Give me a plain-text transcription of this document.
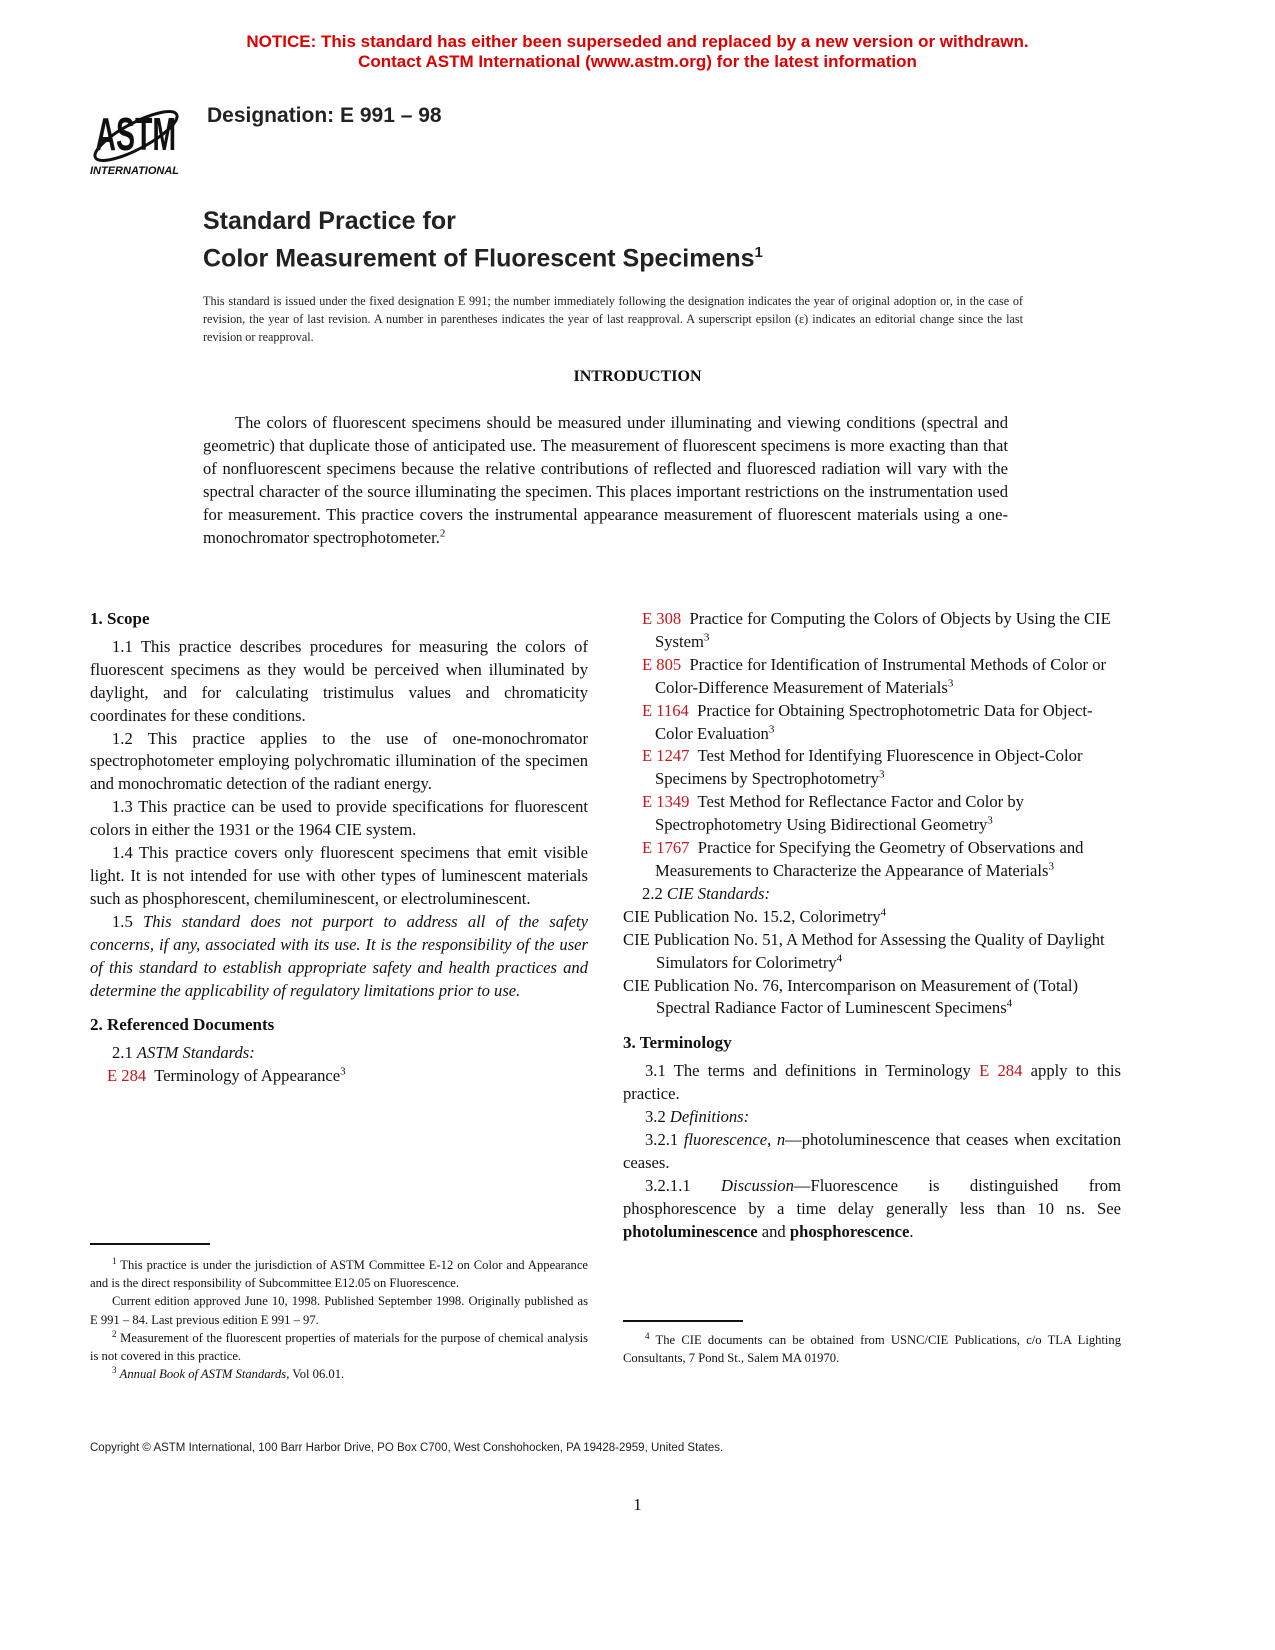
NOTICE: This standard has either been superseded and replaced by a new version or withdrawn.
Contact ASTM International (www.astm.org) for the latest information
ASTM
INTERNATIONAL
Designation: E 991 – 98
Standard Practice for
Color Measurement of Fluorescent Specimens$^1$
This standard is issued under the fixed designation E 991; the number immediately following the designation indicates the year of original adoption or, in the case of revision, the year of last revision. A number in parentheses indicates the year of last reapproval. A superscript epsilon (ε) indicates an editorial change since the last revision or reapproval.
INTRODUCTION
The colors of fluorescent specimens should be measured under illuminating and viewing conditions (spectral and geometric) that duplicate those of anticipated use. The measurement of fluorescent specimens is more exacting than that of nonfluorescent specimens because the relative contributions of reflected and fluoresced radiation will vary with the spectral character of the source illuminating the specimen. This places important restrictions on the instrumentation used for measurement. This practice covers the instrumental appearance measurement of fluorescent materials using a one-monochromator spectrophotometer.$^2$

1. Scope

1.1 This practice describes procedures for measuring the colors of fluorescent specimens as they would be perceived when illuminated by daylight, and for calculating tristimulus values and chromaticity coordinates for these conditions.

1.2 This practice applies to the use of one-monochromator spectrophotometer employing polychromatic illumination of the specimen and monochromatic detection of the radiant energy.

1.3 This practice can be used to provide specifications for fluorescent colors in either the 1931 or the 1964 CIE system.

1.4 This practice covers only fluorescent specimens that emit visible light. It is not intended for use with other types of luminescent materials such as phosphorescent, chemiluminescent, or electroluminescent.

1.5 This standard does not purport to address all of the safety concerns, if any, associated with its use. It is the responsibility of the user of this standard to establish appropriate safety and health practices and determine the applicability of regulatory limitations prior to use.

2. Referenced Documents

2.1 ASTM Standards:

E 284 Terminology of Appearance$^3$

$^1$ This practice is under the jurisdiction of ASTM Committee E-12 on Color and Appearance and is the direct responsibility of Subcommittee E12.05 on Fluorescence.

Current edition approved June 10, 1998. Published September 1998. Originally published as E 991 – 84. Last previous edition E 991 – 97.

$^2$ Measurement of the fluorescent properties of materials for the purpose of chemical analysis is not covered in this practice.

$^3$ Annual Book of ASTM Standards, Vol 06.01.

E 308 Practice for Computing the Colors of Objects by Using the CIE System$^3$

E 805 Practice for Identification of Instrumental Methods of Color or Color-Difference Measurement of Materials$^3$

E 1164 Practice for Obtaining Spectrophotometric Data for Object-Color Evaluation$^3$

E 1247 Test Method for Identifying Fluorescence in Object-Color Specimens by Spectrophotometry$^3$

E 1349 Test Method for Reflectance Factor and Color by Spectrophotometry Using Bidirectional Geometry$^3$

E 1767 Practice for Specifying the Geometry of Observations and Measurements to Characterize the Appearance of Materials$^3$

2.2 CIE Standards:

CIE Publication No. 15.2, Colorimetry$^4$

CIE Publication No. 51, A Method for Assessing the Quality of Daylight Simulators for Colorimetry$^4$

CIE Publication No. 76, Intercomparison on Measurement of (Total) Spectral Radiance Factor of Luminescent Specimens$^4$

3. Terminology

3.1 The terms and definitions in Terminology E 284 apply to this practice.

3.2 Definitions:

3.2.1 fluorescence, n—photoluminescence that ceases when excitation ceases.

3.2.1.1 Discussion—Fluorescence is distinguished from phosphorescence by a time delay generally less than 10 ns. See photoluminescence and phosphorescence.

$^4$ The CIE documents can be obtained from USNC/CIE Publications, c/o TLA Lighting Consultants, 7 Pond St., Salem MA 01970.

Copyright © ASTM International, 100 Barr Harbor Drive, PO Box C700, West Conshohocken, PA 19428-2959, United States.
1
